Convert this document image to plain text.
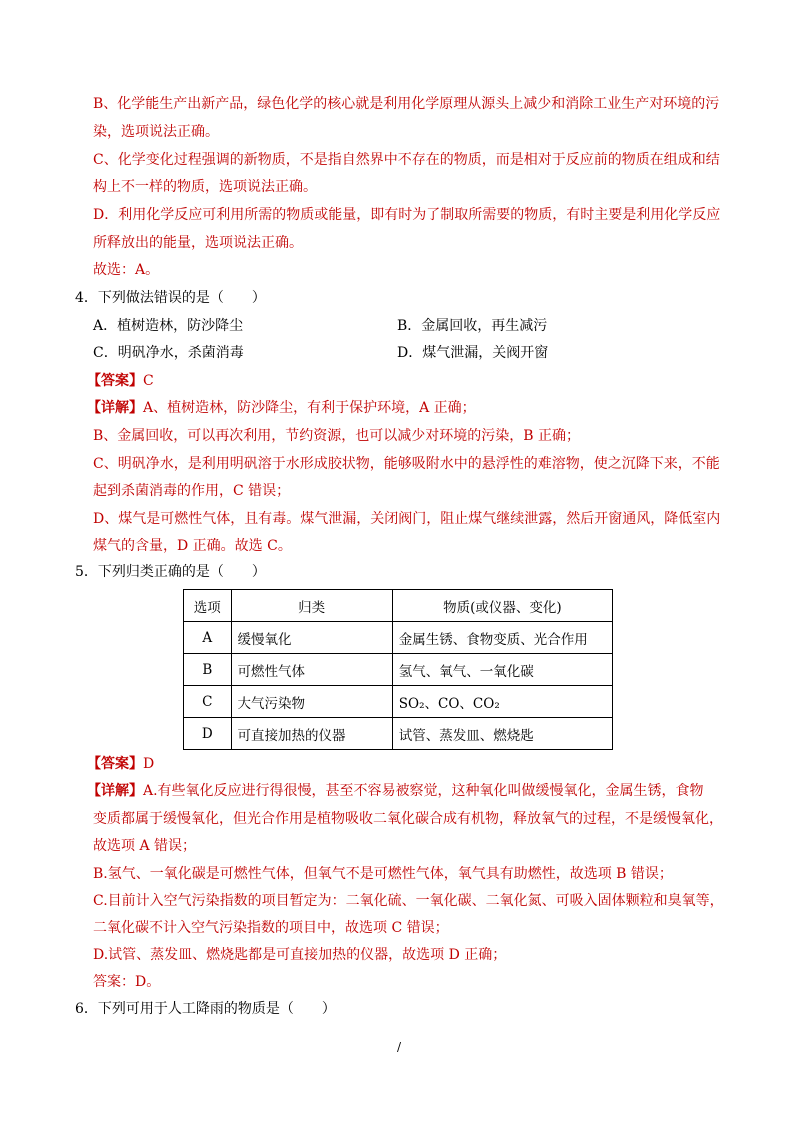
B、化学能生产出新产品，绿色化学的核心就是利用化学原理从源头上减少和消除工业生产对环境的污
染，选项说法正确。
C、化学变化过程强调的新物质，不是指自然界中不存在的物质，而是相对于反应前的物质在组成和结
构上不一样的物质，选项说法正确。
D．利用化学反应可利用所需的物质或能量，即有时为了制取所需要的物质，有时主要是利用化学反应
所释放出的能量，选项说法正确。
故选：A。
4．下列做法错误的是（　　）
A．植树造林，防沙降尘	B．金属回收，再生减污
C．明矾净水，杀菌消毒	D．煤气泄漏，关阀开窗
【答案】C
【详解】A、植树造林，防沙降尘，有利于保护环境，A 正确；
B、金属回收，可以再次利用，节约资源，也可以减少对环境的污染，B 正确；
C、明矾净水，是利用明矾溶于水形成胶状物，能够吸附水中的悬浮性的难溶物，使之沉降下来，不能
起到杀菌消毒的作用，C 错误；
D、煤气是可燃性气体，且有毒。煤气泄漏，关闭阀门，阻止煤气继续泄露，然后开窗通风，降低室内
煤气的含量，D 正确。故选 C。
5．下列归类正确的是（　　）
选项	归类	物质(或仪器、变化)
A	缓慢氧化	金属生锈、食物变质、光合作用
B	可燃性气体	氢气、氧气、一氧化碳
C	大气污染物	SO₂、CO、CO₂
D	可直接加热的仪器	试管、蒸发皿、燃烧匙
【答案】D
【详解】A.有些氧化反应进行得很慢，甚至不容易被察觉，这种氧化叫做缓慢氧化，金属生锈，食物
变质都属于缓慢氧化，但光合作用是植物吸收二氧化碳合成有机物，释放氧气的过程，不是缓慢氧化，
故选项 A 错误；
B.氢气、一氧化碳是可燃性气体，但氧气不是可燃性气体，氧气具有助燃性，故选项 B 错误；
C.目前计入空气污染指数的项目暂定为：二氧化硫、一氧化碳、二氧化氮、可吸入固体颗粒和臭氧等，
二氧化碳不计入空气污染指数的项目中，故选项 C 错误；
D.试管、蒸发皿、燃烧匙都是可直接加热的仪器，故选项 D 正确；
答案：D。
6．下列可用于人工降雨的物质是（　　）
/
